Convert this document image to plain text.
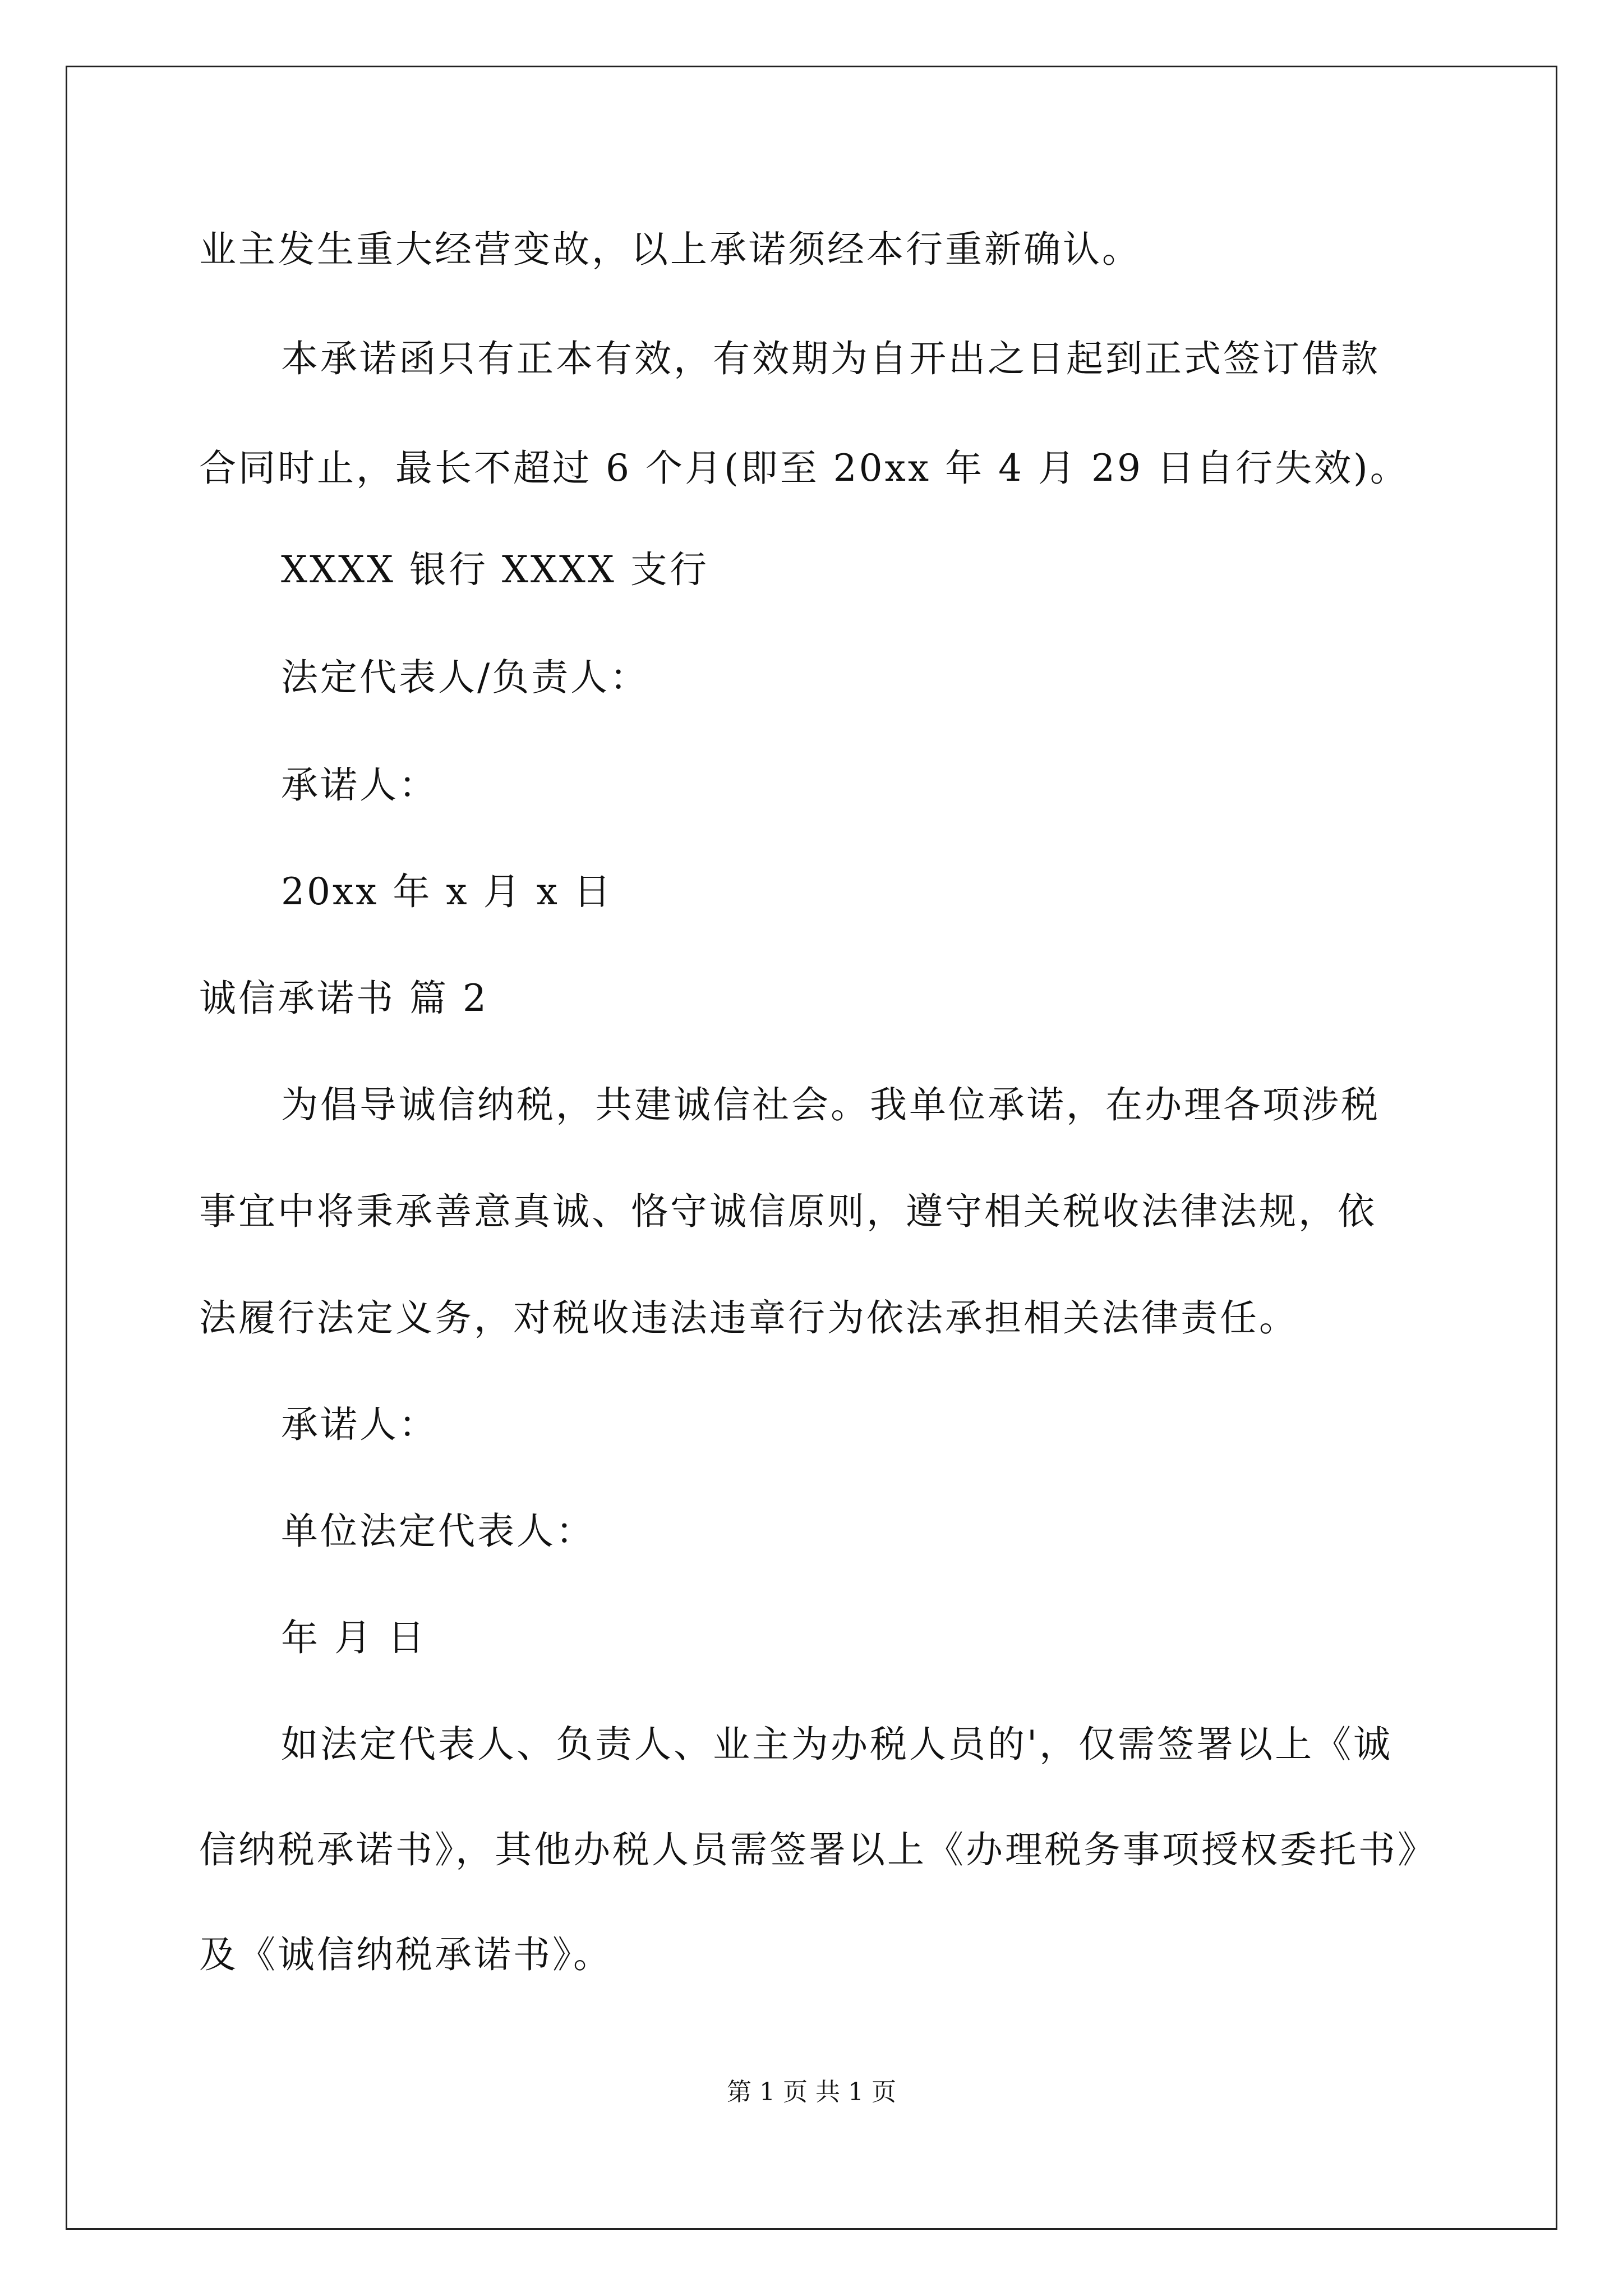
业主发生重大经营变故，以上承诺须经本行重新确认。
本承诺函只有正本有效，有效期为自开出之日起到正式签订借款
合同时止，最长不超过 6 个月(即至 20xx 年 4 月 29 日自行失效)。
XXXX 银行 XXXX 支行
法定代表人/负责人：
承诺人：
20xx 年 x 月 x 日
诚信承诺书 篇 2
为倡导诚信纳税，共建诚信社会。我单位承诺，在办理各项涉税
事宜中将秉承善意真诚、恪守诚信原则，遵守相关税收法律法规，依
法履行法定义务，对税收违法违章行为依法承担相关法律责任。
承诺人：
单位法定代表人：
年 月 日
如法定代表人、负责人、业主为办税人员的'，仅需签署以上《诚
信纳税承诺书》，其他办税人员需签署以上《办理税务事项授权委托书》
及《诚信纳税承诺书》。
第 1 页 共 1 页
